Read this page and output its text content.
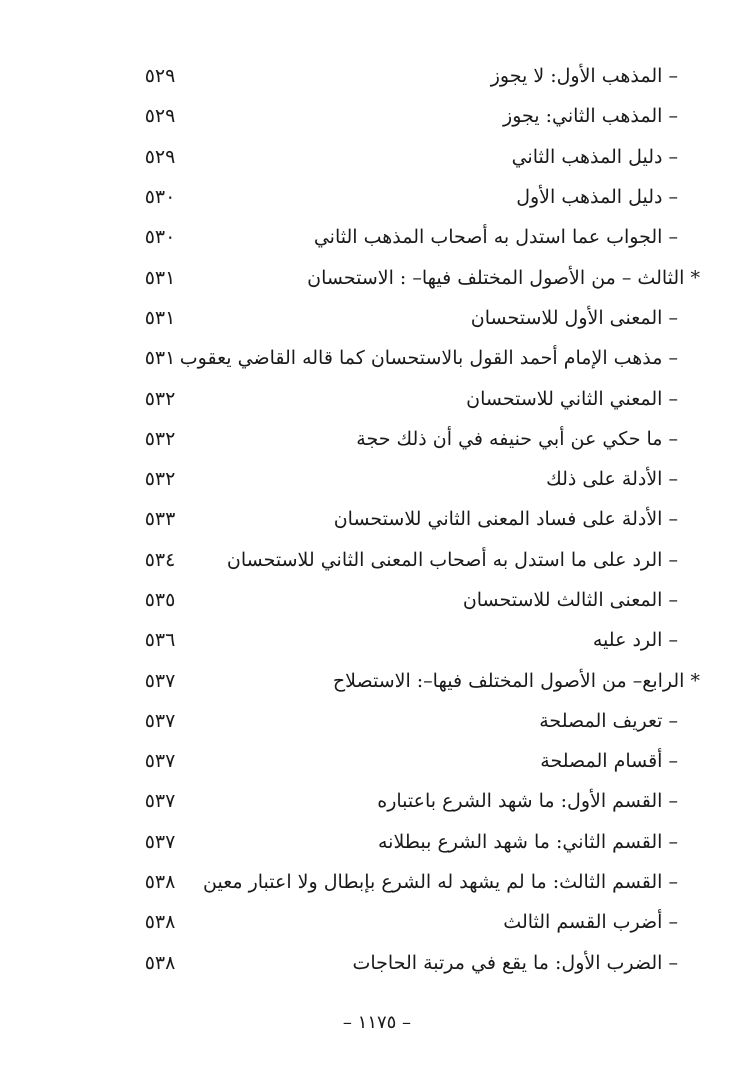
– المذهب الأول: لا يجوز
٥٢٩
– المذهب الثاني: يجوز
٥٢٩
– دليل المذهب الثاني
٥٢٩
– دليل المذهب الأول
٥٣٠
– الجواب عما استدل به أصحاب المذهب الثاني
٥٣٠
* الثالث – من الأصول المختلف فيها– : الاستحسان
٥٣١
– المعنى الأول للاستحسان
٥٣١
– مذهب الإمام أحمد القول بالاستحسان كما قاله القاضي يعقوب
٥٣١
– المعني الثاني للاستحسان
٥٣٢
– ما حكي عن أبي حنيفه في أن ذلك حجة
٥٣٢
– الأدلة على ذلك
٥٣٢
– الأدلة على فساد المعنى الثاني للاستحسان
٥٣٣
– الرد على ما استدل به أصحاب المعنى الثاني للاستحسان
٥٣٤
– المعنى الثالث للاستحسان
٥٣٥
– الرد عليه
٥٣٦
* الرابع– من الأصول المختلف فيها–: الاستصلاح
٥٣٧
– تعريف المصلحة
٥٣٧
– أقسام المصلحة
٥٣٧
– القسم الأول: ما شهد الشرع باعتباره
٥٣٧
– القسم الثاني: ما شهد الشرع ببطلانه
٥٣٧
– القسم الثالث: ما لم يشهد له الشرع بإبطال ولا اعتبار معين
٥٣٨
– أضرب القسم الثالث
٥٣٨
– الضرب الأول: ما يقع في مرتبة الحاجات
٥٣٨
– ١١٧٥ –
